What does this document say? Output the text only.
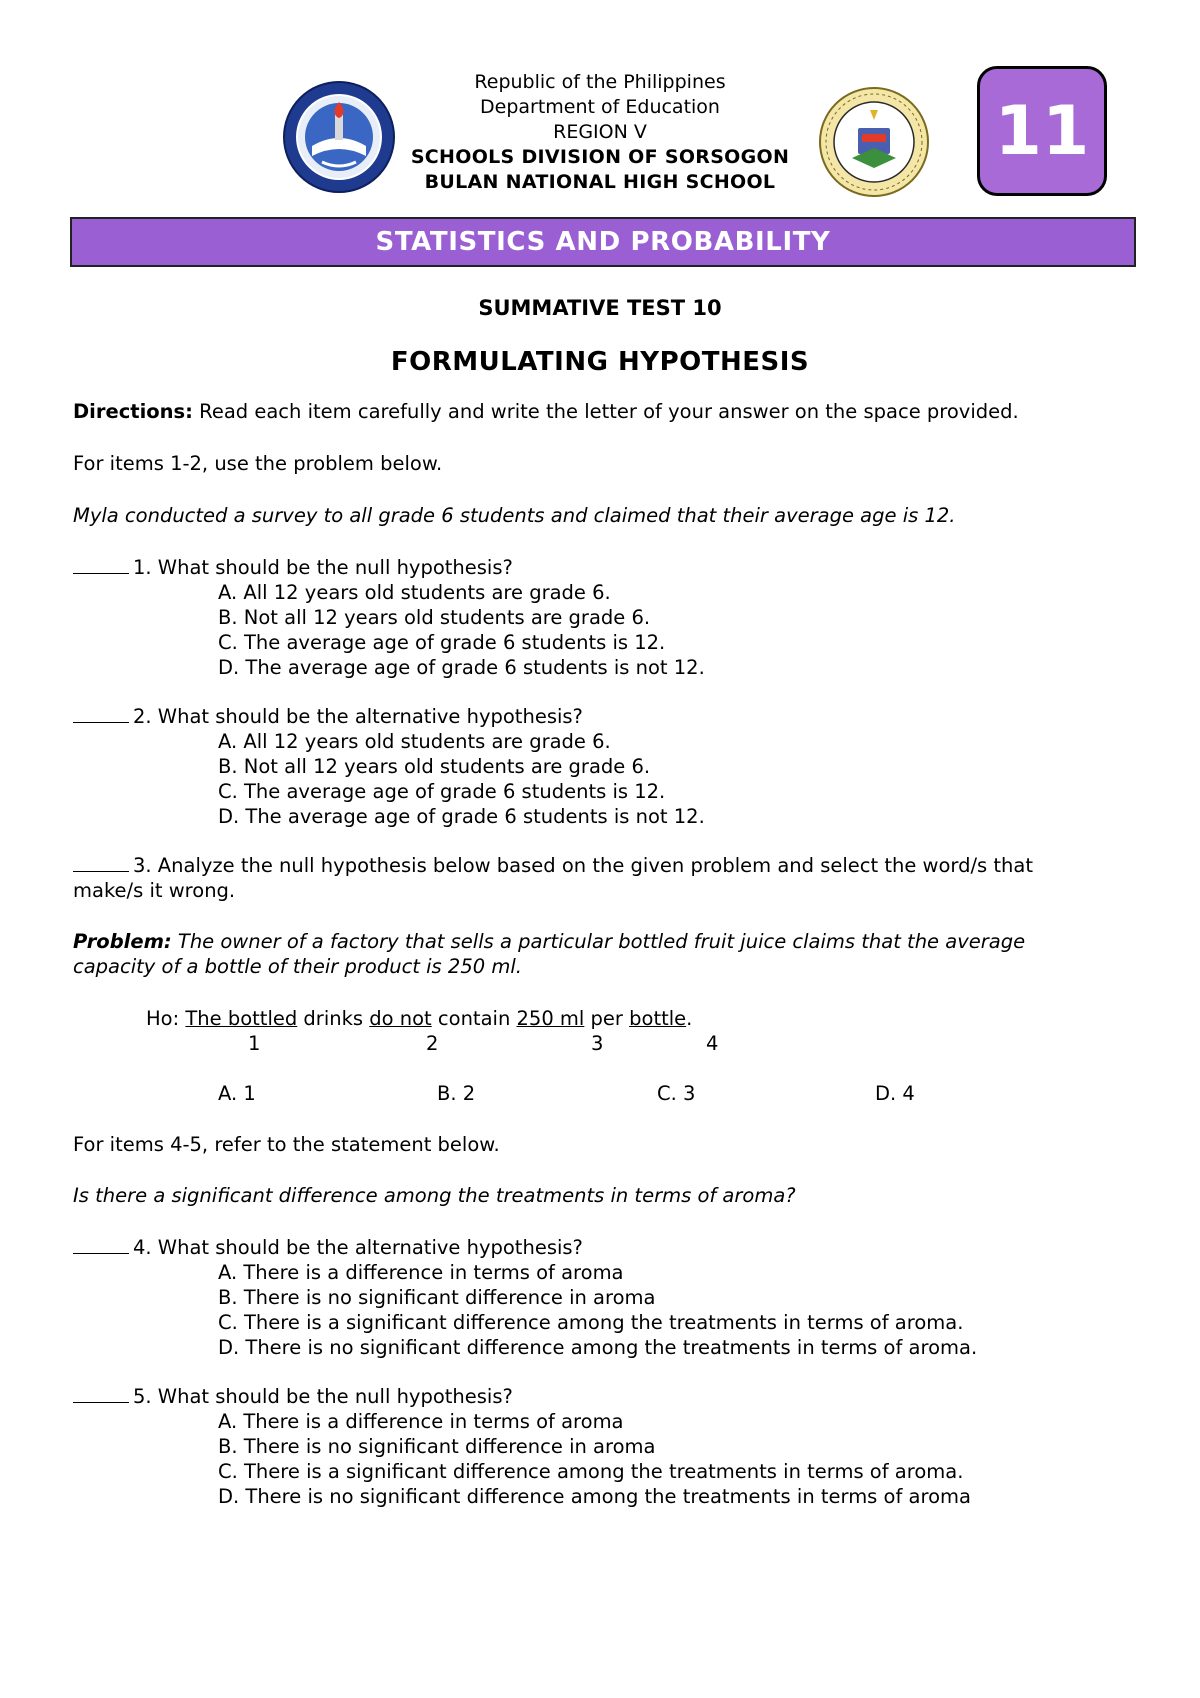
Republic of the Philippines
Department of Education
REGION V
SCHOOLS DIVISION OF SORSOGON
BULAN NATIONAL HIGH SCHOOL
11
STATISTICS AND PROBABILITY
SUMMATIVE TEST 10
FORMULATING HYPOTHESIS
Directions: Read each item carefully and write the letter of your answer on the space provided.
For items 1-2, use the problem below.
Myla conducted a survey to all grade 6 students and claimed that their average age is 12.
1. What should be the null hypothesis?
A. All 12 years old students are grade 6.
B. Not all 12 years old students are grade 6.
C. The average age of grade 6 students is 12.
D. The average age of grade 6 students is not 12.
2. What should be the alternative hypothesis?
A. All 12 years old students are grade 6.
B. Not all 12 years old students are grade 6.
C. The average age of grade 6 students is 12.
D. The average age of grade 6 students is not 12.
3. Analyze the null hypothesis below based on the given problem and select the word/s that
make/s it wrong.
Problem: The owner of a factory that sells a particular bottled fruit juice claims that the average
capacity of a bottle of their product is 250 ml.
Ho: The bottled drinks do not contain 250 ml per bottle.
1	2	3	4
A. 1	B. 2	C. 3	D. 4
For items 4-5, refer to the statement below.
Is there a significant difference among the treatments in terms of aroma?
4. What should be the alternative hypothesis?
A. There is a difference in terms of aroma
B. There is no significant difference in aroma
C. There is a significant difference among the treatments in terms of aroma.
D. There is no significant difference among the treatments in terms of aroma.
5. What should be the null hypothesis?
A. There is a difference in terms of aroma
B. There is no significant difference in aroma
C. There is a significant difference among the treatments in terms of aroma.
D. There is no significant difference among the treatments in terms of aroma
